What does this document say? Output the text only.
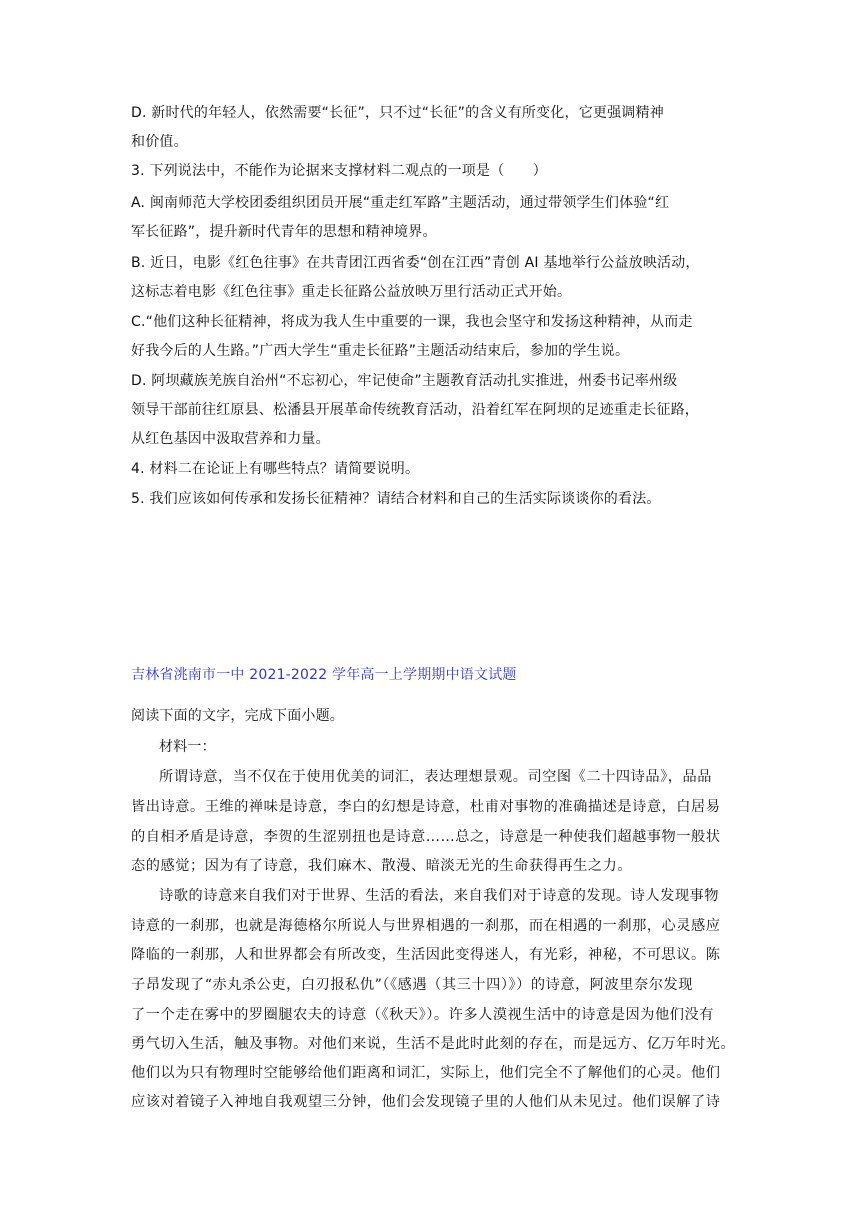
D. 新时代的年轻人，依然需要“长征”，只不过“长征”的含义有所变化，它更强调精神
和价值。
3. 下列说法中，不能作为论据来支撑材料二观点的一项是（　　）
A. 闽南师范大学校团委组织团员开展“重走红军路”主题活动，通过带领学生们体验“红
军长征路”，提升新时代青年的思想和精神境界。
B. 近日，电影《红色往事》在共青团江西省委“创在江西”青创 AI 基地举行公益放映活动，
这标志着电影《红色往事》重走长征路公益放映万里行活动正式开始。
C.“他们这种长征精神，将成为我人生中重要的一课，我也会坚守和发扬这种精神，从而走
好我今后的人生路。”广西大学生“重走长征路”主题活动结束后，参加的学生说。
D. 阿坝藏族羌族自治州“不忘初心，牢记使命”主题教育活动扎实推进，州委书记率州级
领导干部前往红原县、松潘县开展革命传统教育活动，沿着红军在阿坝的足迹重走长征路，
从红色基因中汲取营养和力量。
4. 材料二在论证上有哪些特点？请简要说明。
5. 我们应该如何传承和发扬长征精神？请结合材料和自己的生活实际谈谈你的看法。
吉林省洮南市一中 2021-2022 学年高一上学期期中语文试题
阅读下面的文字，完成下面小题。
材料一：
所谓诗意，当不仅在于使用优美的词汇，表达理想景观。司空图《二十四诗品》，品品
皆出诗意。王维的禅味是诗意，李白的幻想是诗意，杜甫对事物的准确描述是诗意，白居易
的自相矛盾是诗意，李贺的生涩别扭也是诗意……总之，诗意是一种使我们超越事物一般状
态的感觉；因为有了诗意，我们麻木、散漫、暗淡无光的生命获得再生之力。
诗歌的诗意来自我们对于世界、生活的看法，来自我们对于诗意的发现。诗人发现事物
诗意的一刹那，也就是海德格尔所说人与世界相遇的一刹那，而在相遇的一刹那，心灵感应
降临的一刹那，人和世界都会有所改变，生活因此变得迷人，有光彩，神秘，不可思议。陈
子昂发现了“赤丸杀公吏，白刃报私仇”（《感遇（其三十四）》）的诗意，阿波里奈尔发现
了一个走在雾中的罗圈腿农夫的诗意（《秋天》）。许多人漠视生活中的诗意是因为他们没有
勇气切入生活，触及事物。对他们来说，生活不是此时此刻的存在，而是远方、亿万年时光。
他们以为只有物理时空能够给他们距离和词汇，实际上，他们完全不了解他们的心灵。他们
应该对着镜子入神地自我观望三分钟，他们会发现镜子里的人他们从未见过。他们误解了诗
